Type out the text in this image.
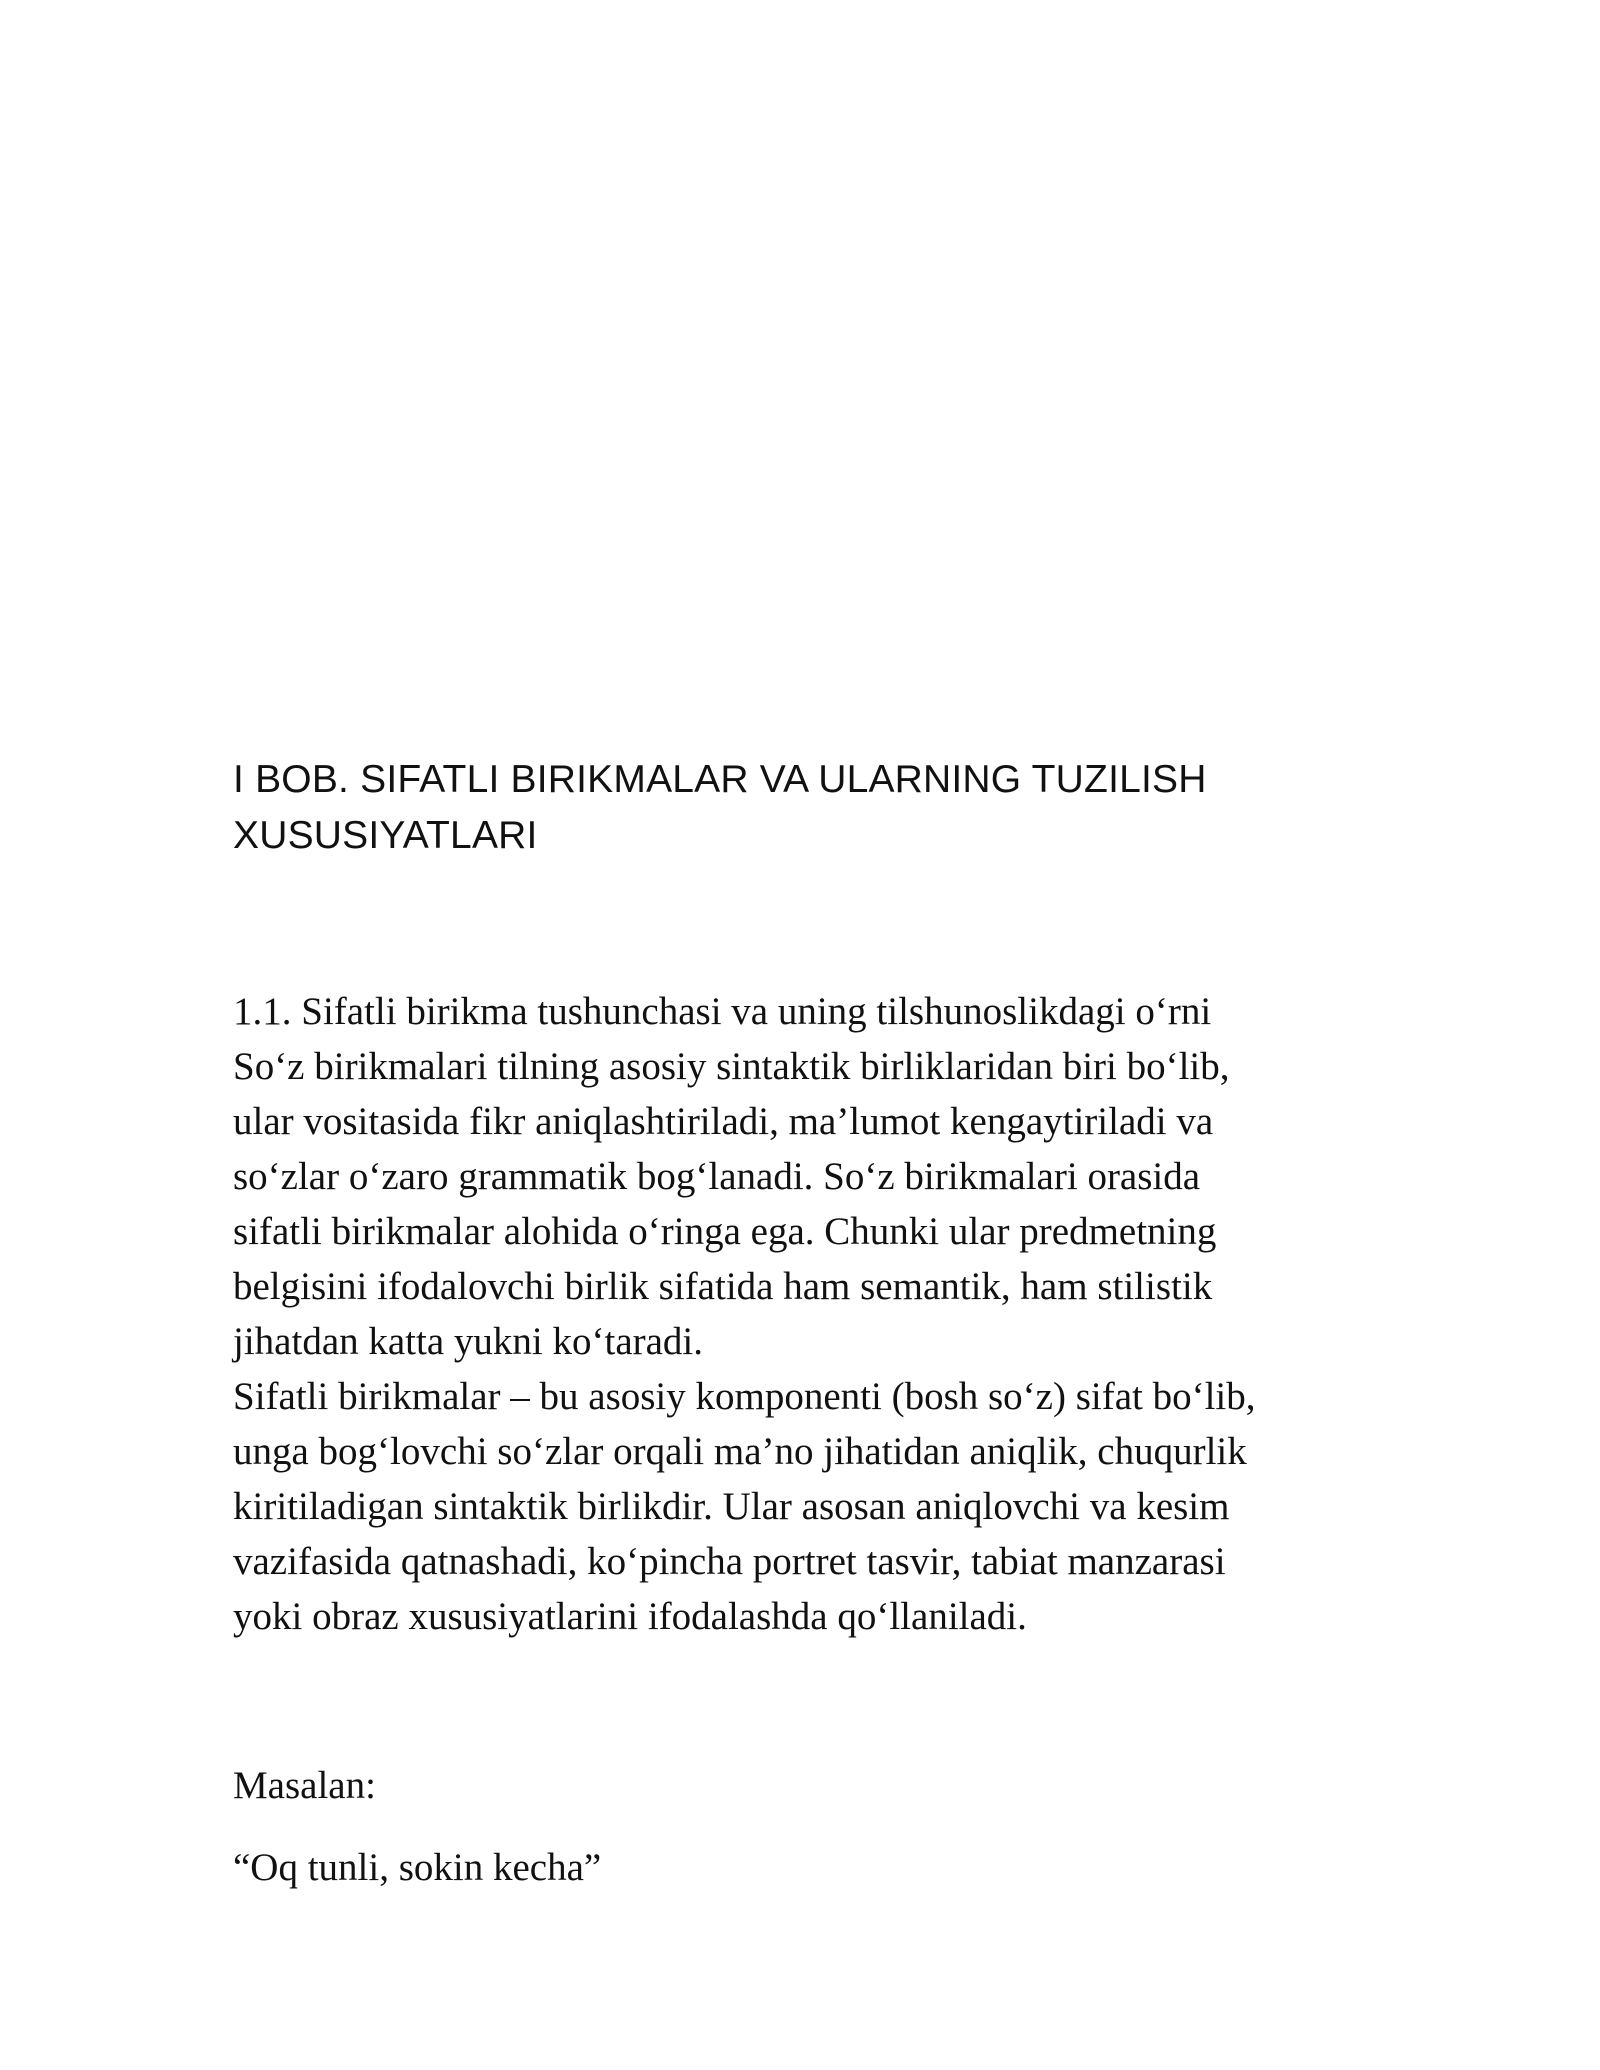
I BOB. SIFATLI BIRIKMALAR VA ULARNING TUZILISH
XUSUSIYATLARI
1.1. Sifatli birikma tushunchasi va uning tilshunoslikdagi o‘rni
So‘z birikmalari tilning asosiy sintaktik birliklaridan biri bo‘lib,
ular vositasida fikr aniqlashtiriladi, ma’lumot kengaytiriladi va
so‘zlar o‘zaro grammatik bog‘lanadi. So‘z birikmalari orasida
sifatli birikmalar alohida o‘ringa ega. Chunki ular predmetning
belgisini ifodalovchi birlik sifatida ham semantik, ham stilistik
jihatdan katta yukni ko‘taradi.
Sifatli birikmalar – bu asosiy komponenti (bosh so‘z) sifat bo‘lib,
unga bog‘lovchi so‘zlar orqali ma’no jihatidan aniqlik, chuqurlik
kiritiladigan sintaktik birlikdir. Ular asosan aniqlovchi va kesim
vazifasida qatnashadi, ko‘pincha portret tasvir, tabiat manzarasi
yoki obraz xususiyatlarini ifodalashda qo‘llaniladi.
Masalan:
“Oq tunli, sokin kecha”
